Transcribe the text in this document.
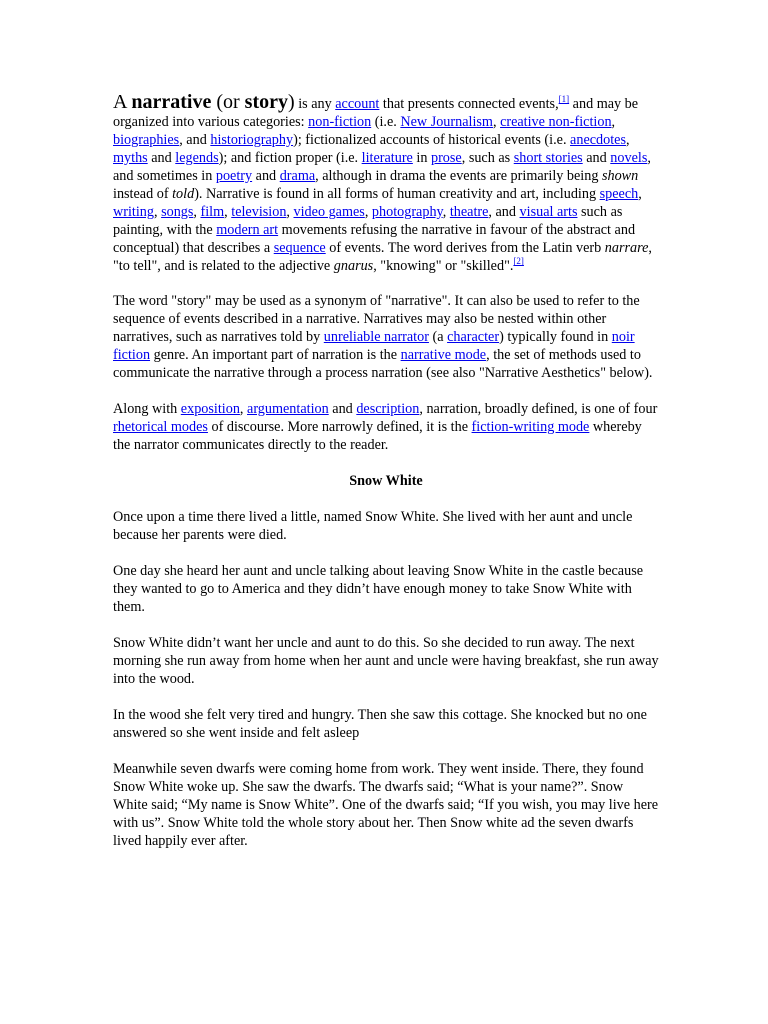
A narrative (or story) is any account that presents connected events,[1] and may be organized into various categories: non-fiction (i.e. New Journalism, creative non-fiction, biographies, and historiography); fictionalized accounts of historical events (i.e. anecdotes, myths and legends); and fiction proper (i.e. literature in prose, such as short stories and novels, and sometimes in poetry and drama, although in drama the events are primarily being shown instead of told). Narrative is found in all forms of human creativity and art, including speech, writing, songs, film, television, video games, photography, theatre, and visual arts such as painting, with the modern art movements refusing the narrative in favour of the abstract and conceptual) that describes a sequence of events. The word derives from the Latin verb narrare, "to tell", and is related to the adjective gnarus, "knowing" or "skilled".[2]

The word "story" may be used as a synonym of "narrative". It can also be used to refer to the sequence of events described in a narrative. Narratives may also be nested within other narratives, such as narratives told by unreliable narrator (a character) typically found in noir fiction genre. An important part of narration is the narrative mode, the set of methods used to communicate the narrative through a process narration (see also "Narrative Aesthetics" below).

Along with exposition, argumentation and description, narration, broadly defined, is one of four rhetorical modes of discourse. More narrowly defined, it is the fiction-writing mode whereby the narrator communicates directly to the reader.

Snow White

Once upon a time there lived a little, named Snow White. She lived with her aunt and uncle because her parents were died.

One day she heard her aunt and uncle talking about leaving Snow White in the castle because they wanted to go to America and they didn’t have enough money to take Snow White with them.

Snow White didn’t want her uncle and aunt to do this. So she decided to run away. The next morning she run away from home when her aunt and uncle were having breakfast, she run away into the wood.

In the wood she felt very tired and hungry. Then she saw this cottage. She knocked but no one answered so she went inside and felt asleep

Meanwhile seven dwarfs were coming home from work. They went inside. There, they found Snow White woke up. She saw the dwarfs. The dwarfs said; “What is your name?”. Snow White said; “My name is Snow White”. One of the dwarfs said; “If you wish, you may live here with us”. Snow White told the whole story about her. Then Snow white ad the seven dwarfs lived happily ever after.
